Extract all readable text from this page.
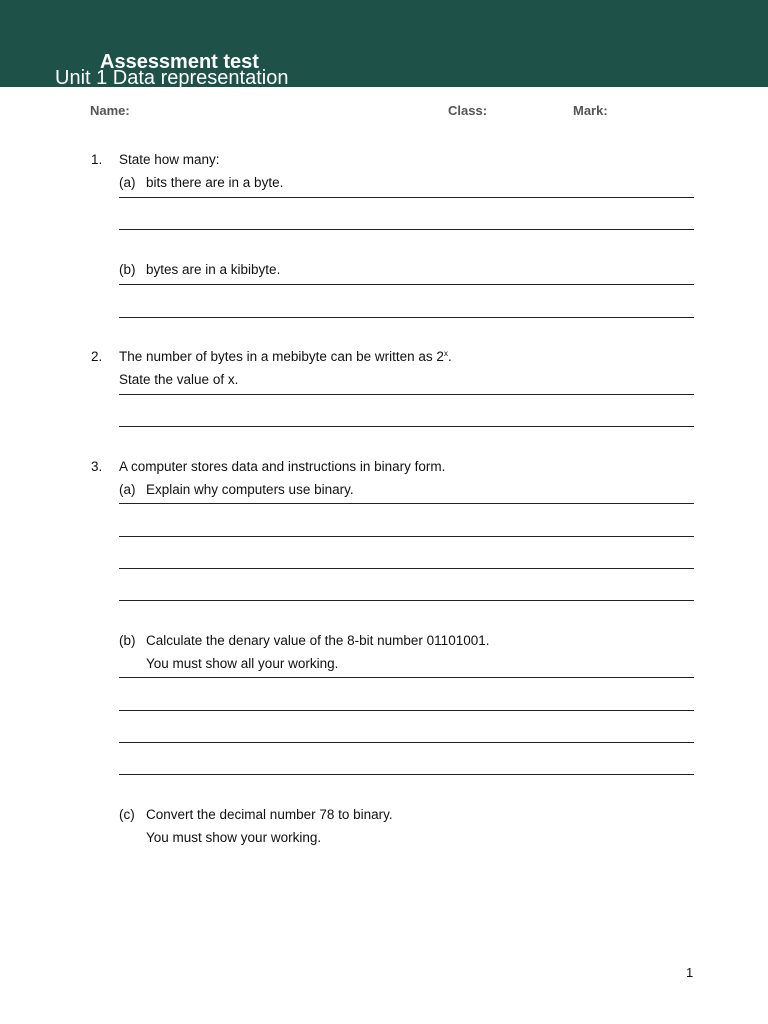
Assessment test
Unit 1 Data representation
Name:	Class:	Mark:
1. State how many:
(a) bits there are in a byte.
(b) bytes are in a kibibyte.
2. The number of bytes in a mebibyte can be written as 2$^x$.
State the value of x.
3. A computer stores data and instructions in binary form.
(a) Explain why computers use binary.
(b) Calculate the denary value of the 8-bit number 01101001.
You must show all your working.
(c) Convert the decimal number 78 to binary.
You must show your working.
1
